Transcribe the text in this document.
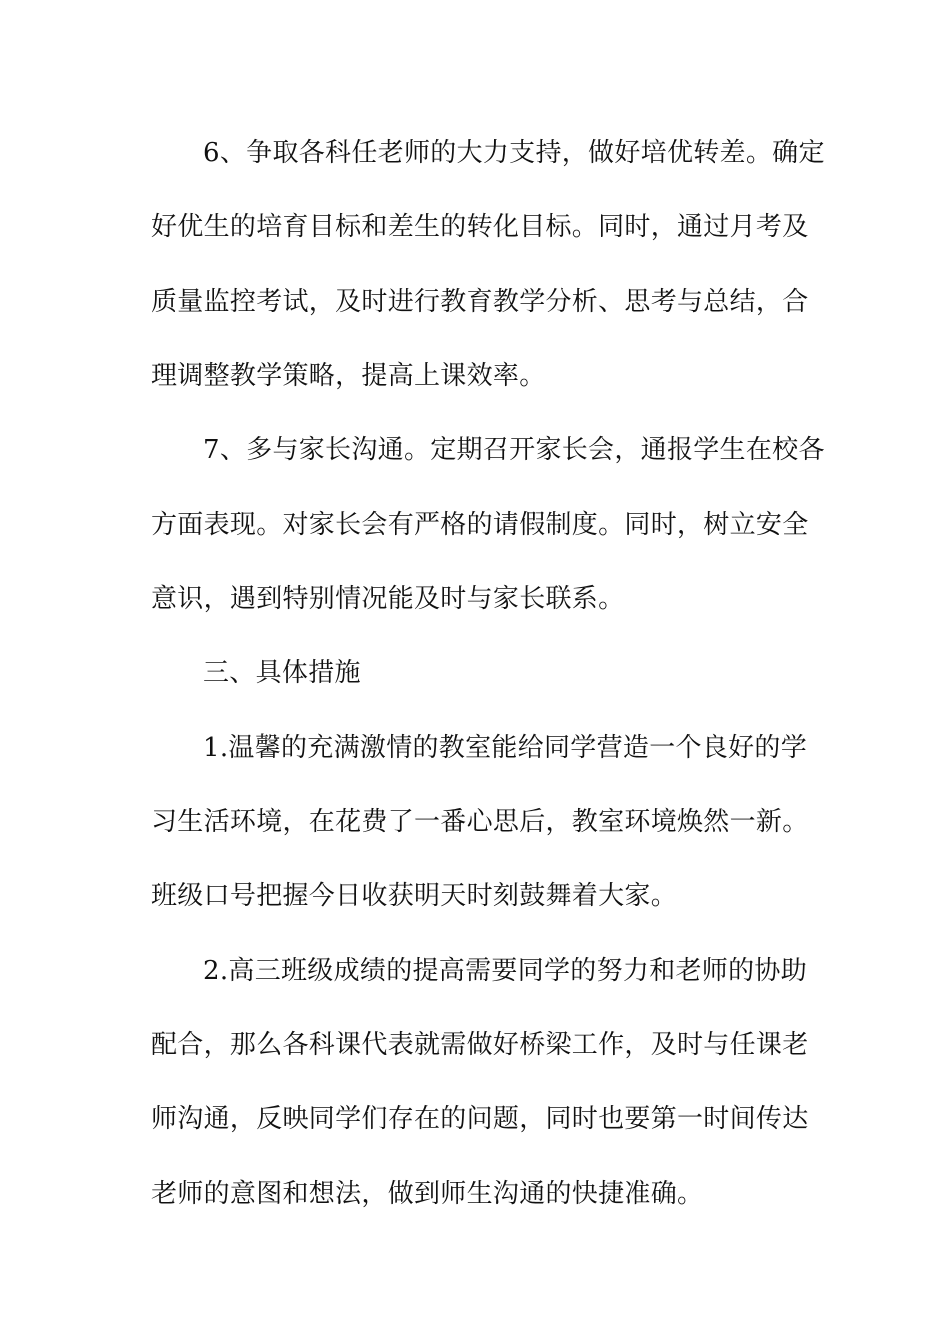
6、争取各科任老师的大力支持，做好培优转差。确定
好优生的培育目标和差生的转化目标。同时，通过月考及
质量监控考试，及时进行教育教学分析、思考与总结，合
理调整教学策略，提高上课效率。
7、多与家长沟通。定期召开家长会，通报学生在校各
方面表现。对家长会有严格的请假制度。同时，树立安全
意识，遇到特别情况能及时与家长联系。
三、具体措施
1.温馨的充满激情的教室能给同学营造一个良好的学
习生活环境，在花费了一番心思后，教室环境焕然一新。
班级口号把握今日收获明天时刻鼓舞着大家。
2.高三班级成绩的提高需要同学的努力和老师的协助
配合，那么各科课代表就需做好桥梁工作，及时与任课老
师沟通，反映同学们存在的问题，同时也要第一时间传达
老师的意图和想法，做到师生沟通的快捷准确。
